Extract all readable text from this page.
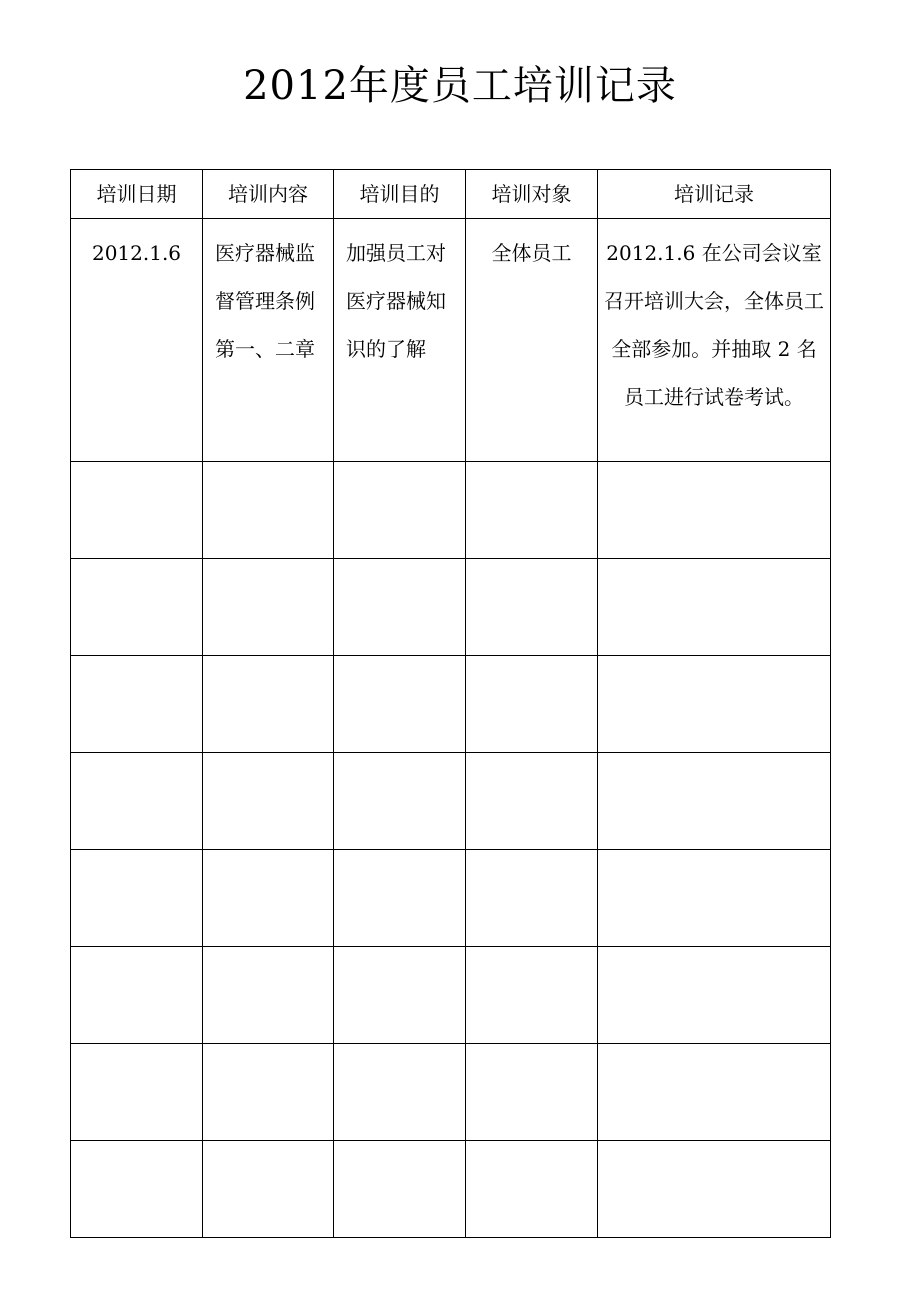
2012年度员工培训记录
培训日期	培训内容	培训目的	培训对象	培训记录

2012.1.6	医疗器械监督管理条例第一、二章	加强员工对医疗器械知识的了解	全体员工	2012.1.6 在公司会议室召开培训大会，全体员工全部参加。并抽取 2 名员工进行试卷考试。
